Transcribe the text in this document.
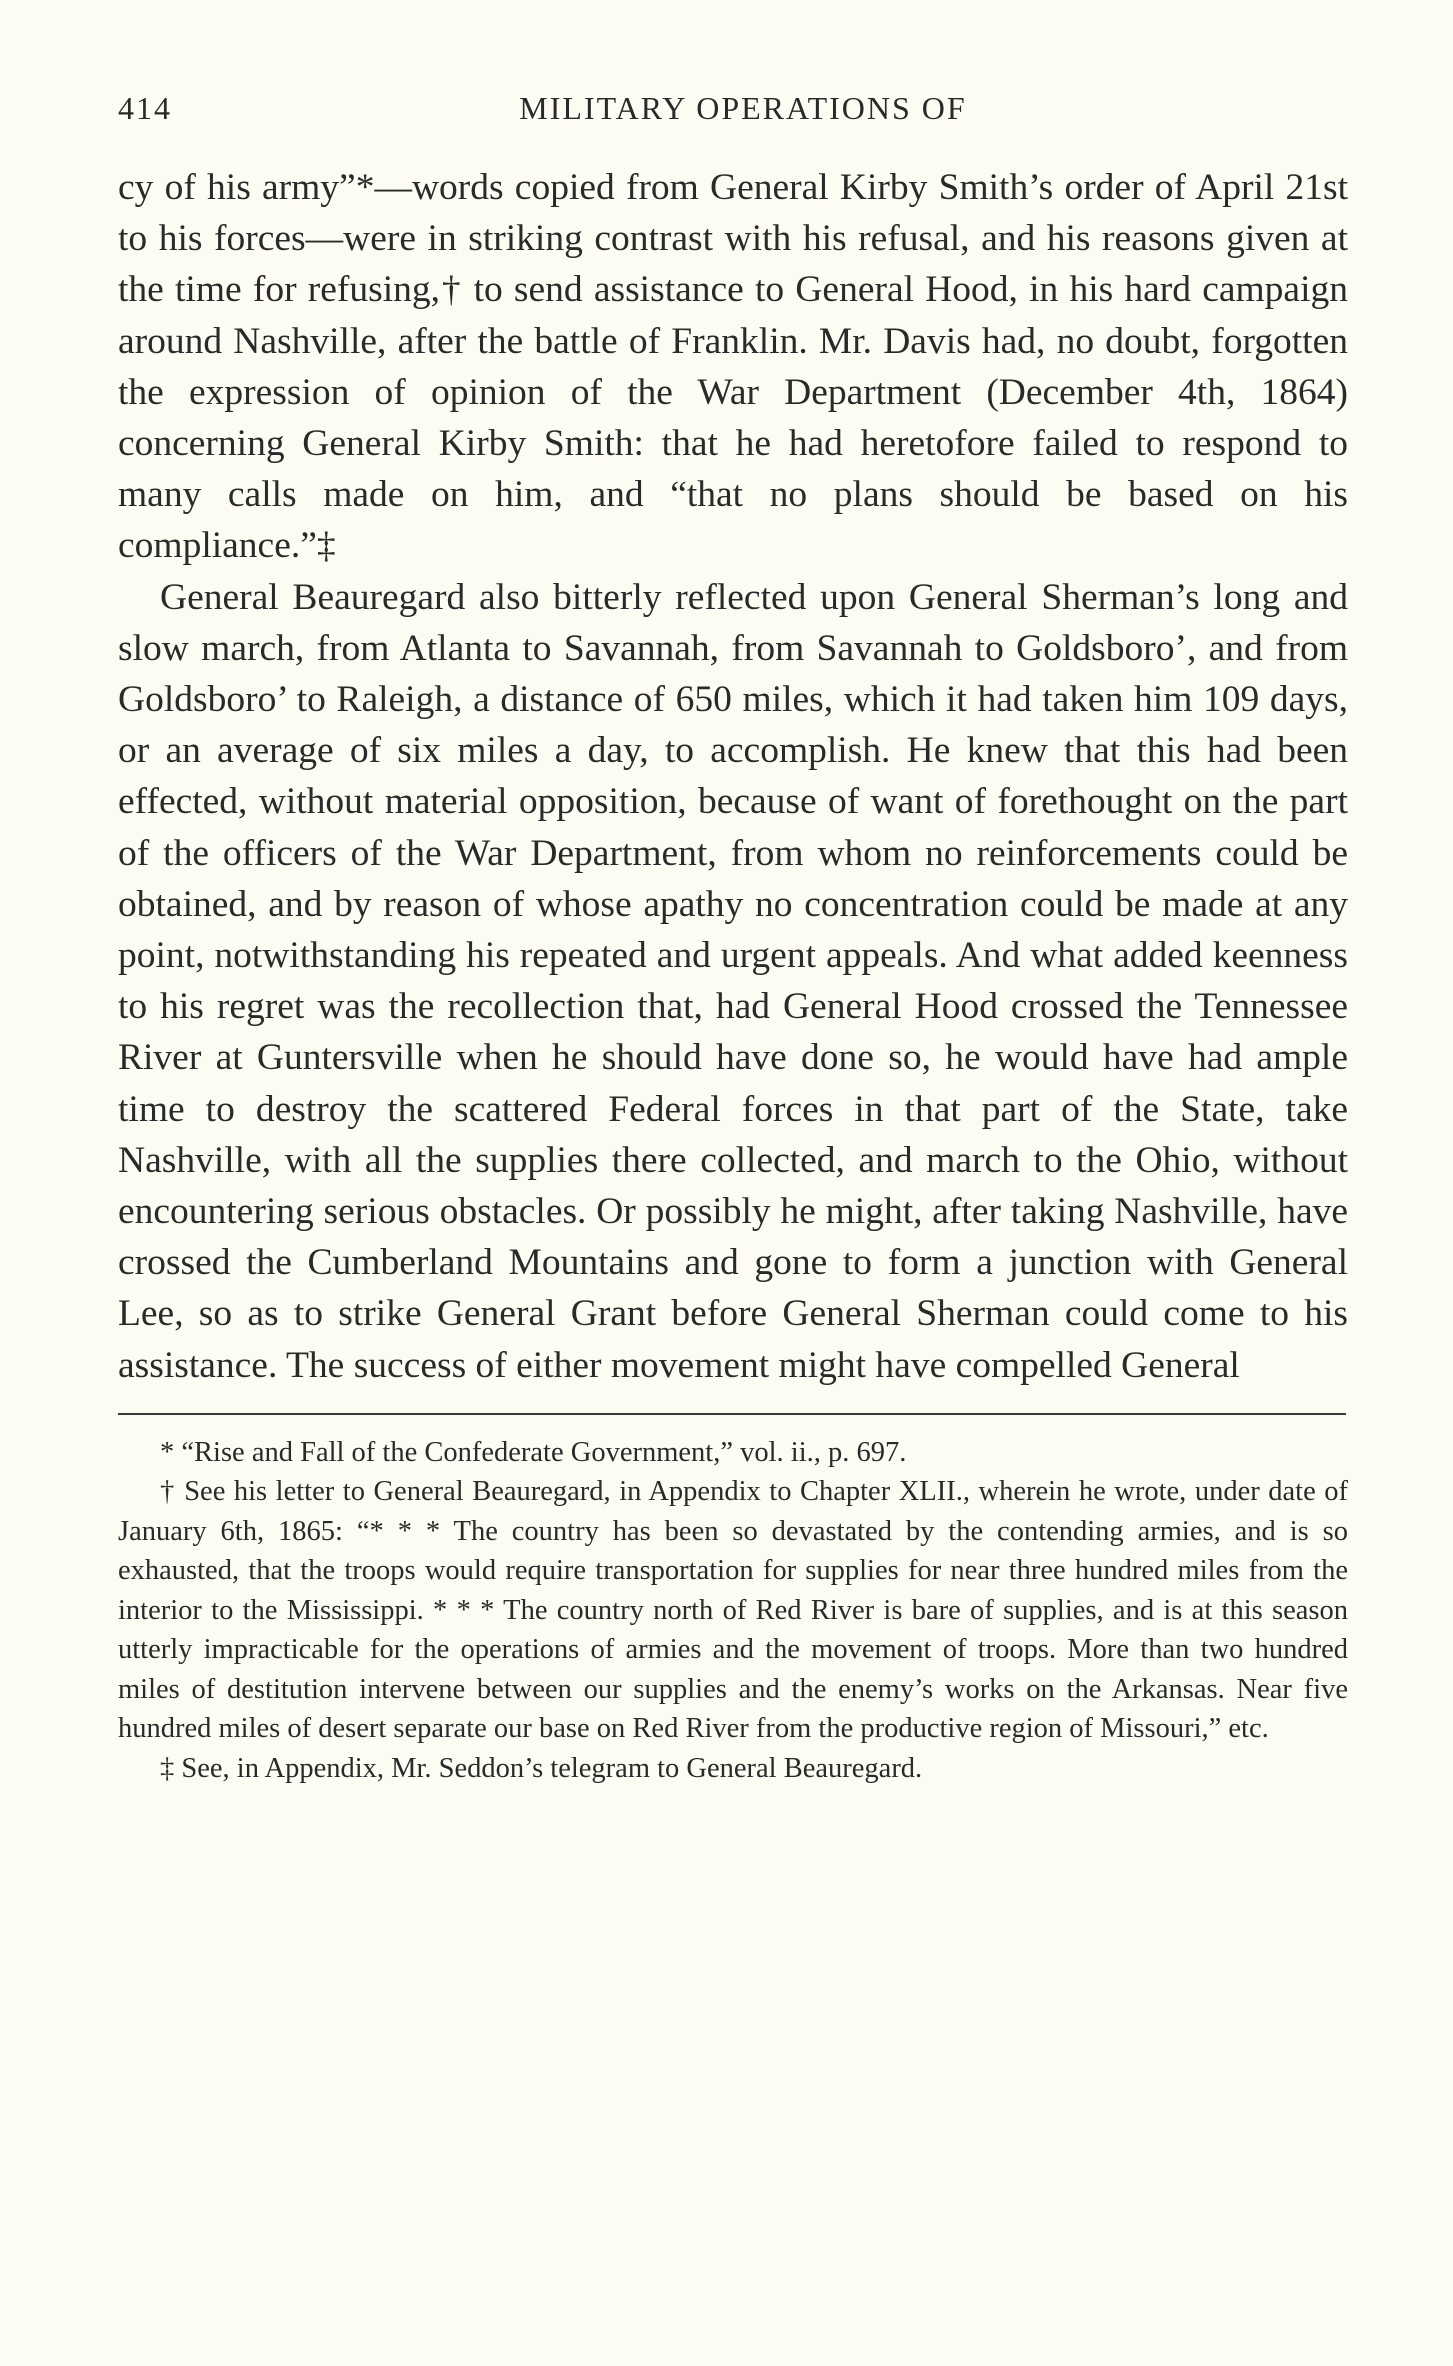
414	MILITARY OPERATIONS OF

cy of his army”*—words copied from General Kirby Smith’s order of April 21st to his forces—were in striking contrast with his refusal, and his reasons given at the time for refusing,† to send assistance to General Hood, in his hard campaign around Nashville, after the battle of Franklin. Mr. Davis had, no doubt, forgotten the expression of opinion of the War Department (December 4th, 1864) concerning General Kirby Smith: that he had heretofore failed to respond to many calls made on him, and “that no plans should be based on his compliance.”‡

General Beauregard also bitterly reflected upon General Sherman’s long and slow march, from Atlanta to Savannah, from Savannah to Goldsboro’, and from Goldsboro’ to Raleigh, a distance of 650 miles, which it had taken him 109 days, or an average of six miles a day, to accomplish. He knew that this had been effected, without material opposition, because of want of forethought on the part of the officers of the War Department, from whom no reinforcements could be obtained, and by reason of whose apathy no concentration could be made at any point, notwithstanding his repeated and urgent appeals. And what added keenness to his regret was the recollection that, had General Hood crossed the Tennessee River at Guntersville when he should have done so, he would have had ample time to destroy the scattered Federal forces in that part of the State, take Nashville, with all the supplies there collected, and march to the Ohio, without encountering serious obstacles. Or possibly he might, after taking Nashville, have crossed the Cumberland Mountains and gone to form a junction with General Lee, so as to strike General Grant before General Sherman could come to his assistance. The success of either movement might have compelled General

* “Rise and Fall of the Confederate Government,” vol. ii., p. 697.

† See his letter to General Beauregard, in Appendix to Chapter XLII., wherein he wrote, under date of January 6th, 1865: “* * * The country has been so devastated by the contending armies, and is so exhausted, that the troops would require transportation for supplies for near three hundred miles from the interior to the Mississippi. * * * The country north of Red River is bare of supplies, and is at this season utterly impracticable for the operations of armies and the movement of troops. More than two hundred miles of destitution intervene between our supplies and the enemy’s works on the Arkansas. Near five hundred miles of desert separate our base on Red River from the productive region of Missouri,” etc.

‡ See, in Appendix, Mr. Seddon’s telegram to General Beauregard.
